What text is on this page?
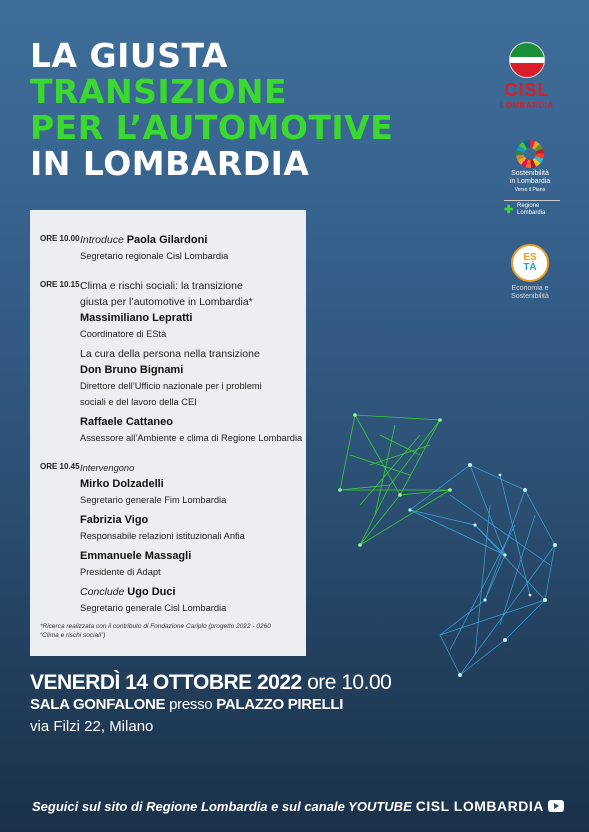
LA GIUSTA
TRANSIZIONE
PER L’AUTOMOTIVE
IN LOMBARDIA
CISL
LOMBARDIA
Sostenibilità
in Lombardia
Verso il Piano
✚ Regione
Lombardia
ES
TÀ
Economia e
Sostenibilità
ORE 10.00 Introduce Paola Gilardoni
Segretario regionale Cisl Lombardia
ORE 10.15 Clima e rischi sociali: la transizione
giusta per l’automotive in Lombardia*
Massimiliano Lepratti
Coordinatore di EStà
La cura della persona nella transizione
Don Bruno Bignami
Direttore dell’Ufficio nazionale per i problemi
sociali e del lavoro della CEI
Raffaele Cattaneo
Assessore all’Ambiente e clima di Regione Lombardia
ORE 10.45 Intervengono
Mirko Dolzadelli
Segretario generale Fim Lombardia
Fabrizia Vigo
Responsabile relazioni istituzionali Anfia
Emmanuele Massagli
Presidente di Adapt
Conclude Ugo Duci
Segretario generale Cisl Lombardia
*Ricerca realizzata con il contributo di Fondazione Cariplo (progetto 2022 - 0260
“Clima e rischi sociali”)
VENERDÌ 14 OTTOBRE 2022 ore 10.00
SALA GONFALONE presso PALAZZO PIRELLI
via Filzi 22, Milano
Seguici sul sito di Regione Lombardia e sul canale YOUTUBE CISL LOMBARDIA
